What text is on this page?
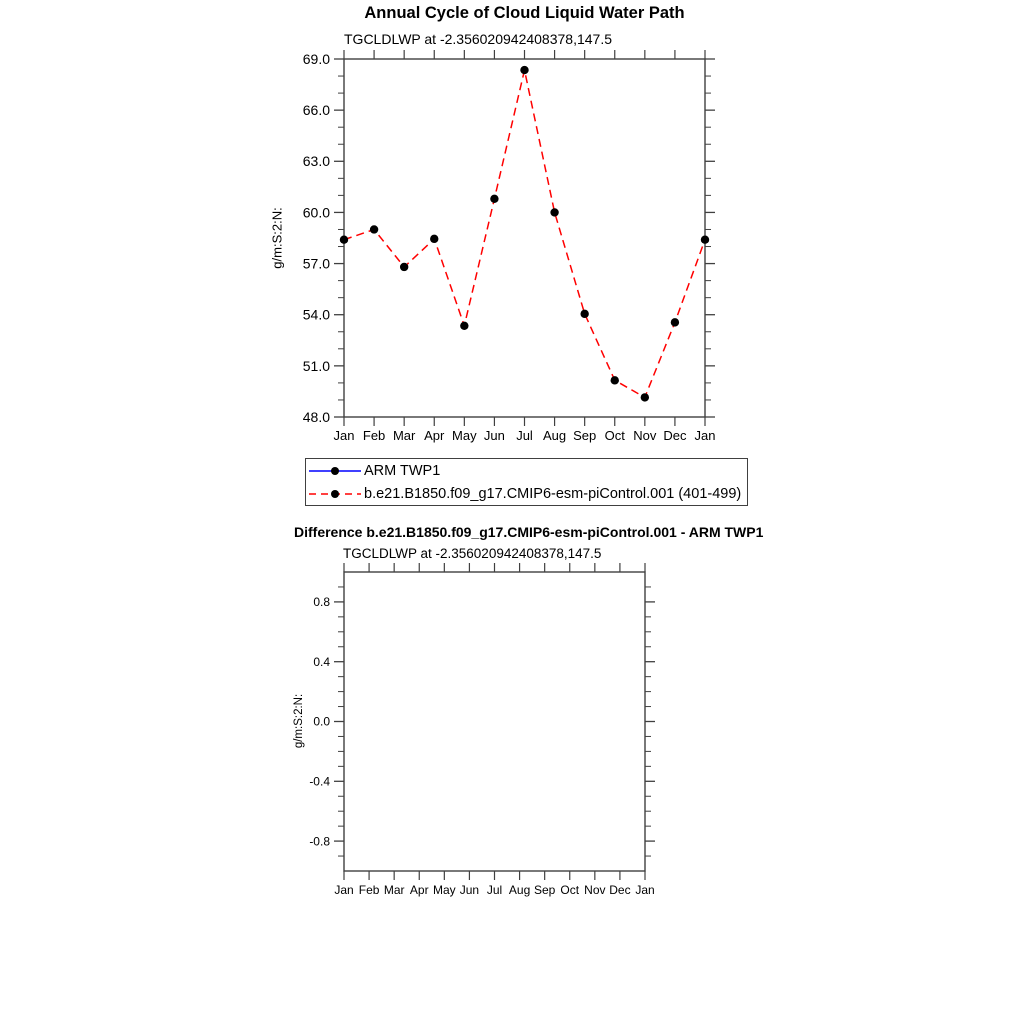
Jan Feb Mar Apr May Jun Jul Aug Sep Oct Nov Dec Jan
48.0
51.0
54.0
57.0
60.0
63.0
66.0
69.0
Jan Feb Mar Apr May Jun Jul Aug Sep Oct Nov Dec Jan
-0.8
-0.4
0.0
0.4
0.8
Annual Cycle of Cloud Liquid Water Path
TGCLDLWP at -2.356020942408378,147.5
g/m:S:2:N:
ARM TWP1
b.e21.B1850.f09_g17.CMIP6-esm-piControl.001 (401-499)
Difference b.e21.B1850.f09_g17.CMIP6-esm-piControl.001 - ARM TWP1
TGCLDLWP at -2.356020942408378,147.5
g/m:S:2:N:
